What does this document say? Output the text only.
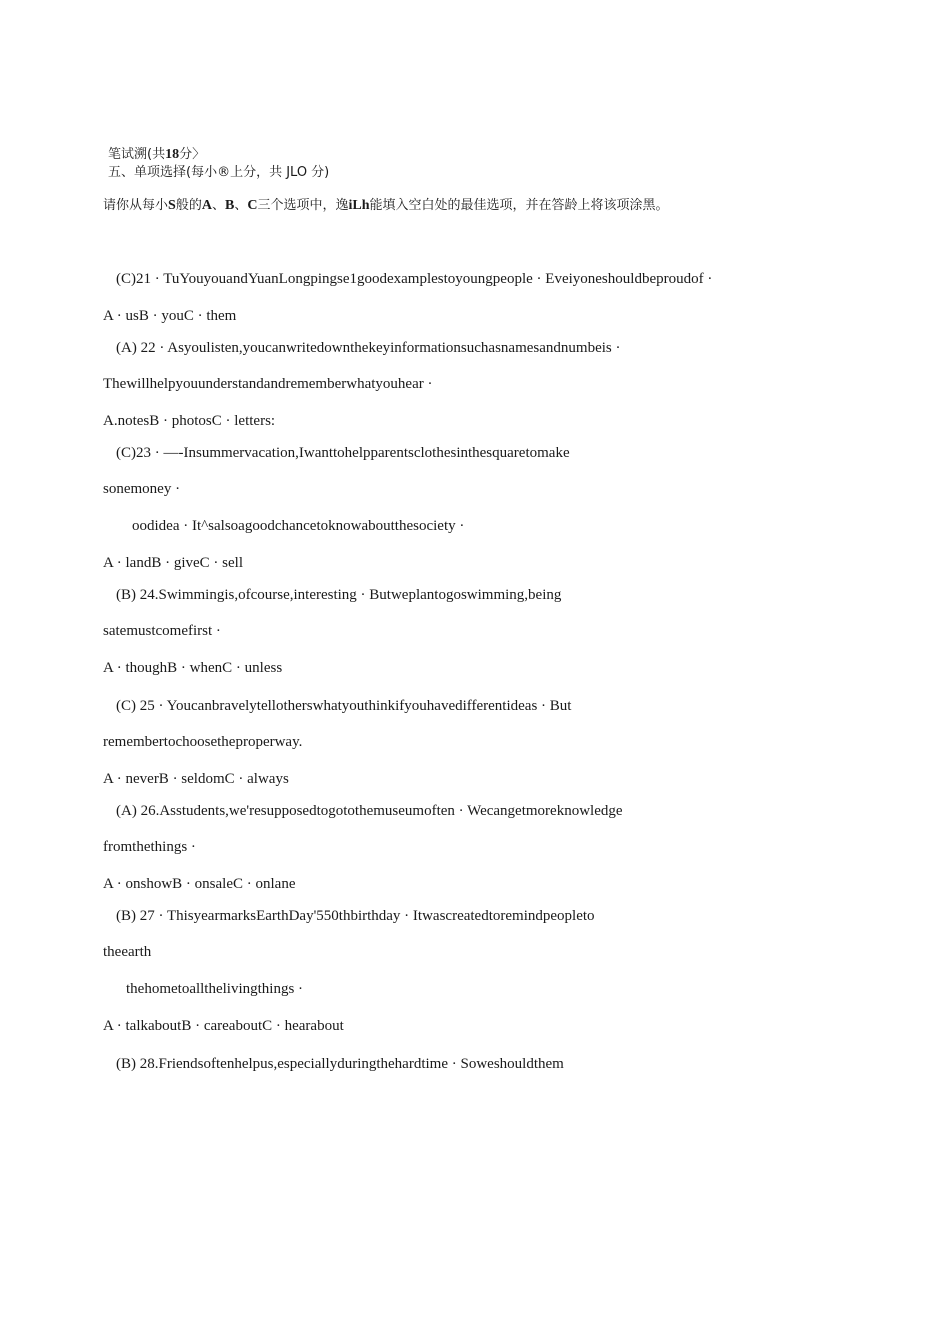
笔试溯(共18分〉
五、单项选择(每小®上分，共 JLO 分)
请你从每小S般的A、B、C三个选项中，逸iLh能填入空白处的最佳选项，并在答龄上将该项涂黑。
(C)21 · TuYouyouandYuanLongpingse1goodexamplestoyoungpeople · Eveiyoneshouldbeproudof ·
A · usB · youC · them
(A) 22 · Asyoulisten,youcanwritedownthekeyinformationsuchasnamesandnumbeis ·
Thewillhelpyouunderstandandrememberwhatyouhear ·
A.notesB · photosC · letters:
(C)23 · —-Insummervacation,Iwanttohelpparentsclothesinthesquaretomake
sonemoney ·
oodidea · It^salsoagoodchancetoknowaboutthesociety ·
A · landB · giveC · sell
(B) 24.Swimmingis,ofcourse,interesting · Butweplantogoswimming,being
satemustcomefirst ·
A · thoughB · whenC · unless
(C) 25 · Youcanbravelytellotherswhatyouthinkifyouhavedifferentideas · But
remembertochoosetheproperway.
A · neverB · seldomC · always
(A) 26.Asstudents,we'resupposedtogotothemuseumoften · Wecangetmoreknowledge
fromthethings ·
A · onshowB · onsaleC · onlane
(B) 27 · ThisyearmarksEarthDay'550thbirthday · Itwascreatedtoremindpeopleto
theearth
thehometoallthelivingthings ·
A · talkaboutB · careaboutC · hearabout
(B) 28.Friendsoftenhelpus,especiallyduringthehardtime · Soweshouldthem
